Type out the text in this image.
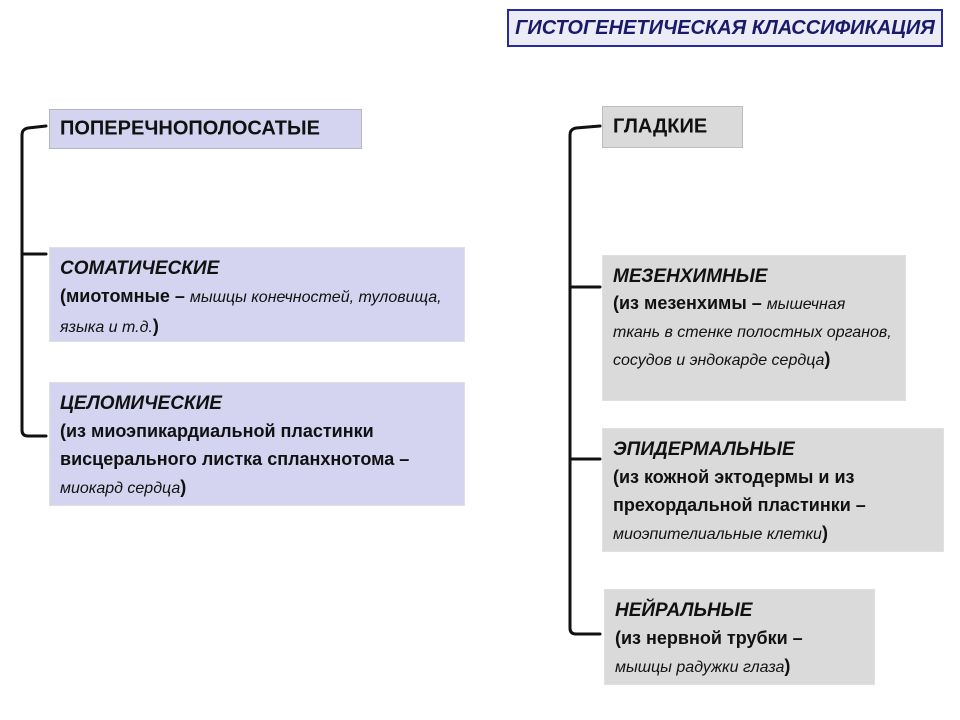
ГИСТОГЕНЕТИЧЕСКАЯ КЛАССИФИКАЦИЯ
ПОПЕРЕЧНОПОЛОСАТЫЕ
СОМАТИЧЕСКИЕ
(миотомные – мышцы конечностей, туловища, языка и т.д.)
ЦЕЛОМИЧЕСКИЕ
(из миоэпикардиальной пластинки висцерального листка спланхнотома – миокард сердца)
ГЛАДКИЕ
МЕЗЕНХИМНЫЕ
(из мезенхимы – мышечная ткань в стенке полостных органов, сосудов и эндокарде сердца)
ЭПИДЕРМАЛЬНЫЕ
(из кожной эктодермы и из прехордальной пластинки – миоэпителиальные клетки)
НЕЙРАЛЬНЫЕ
(из нервной трубки – мышцы радужки глаза)
